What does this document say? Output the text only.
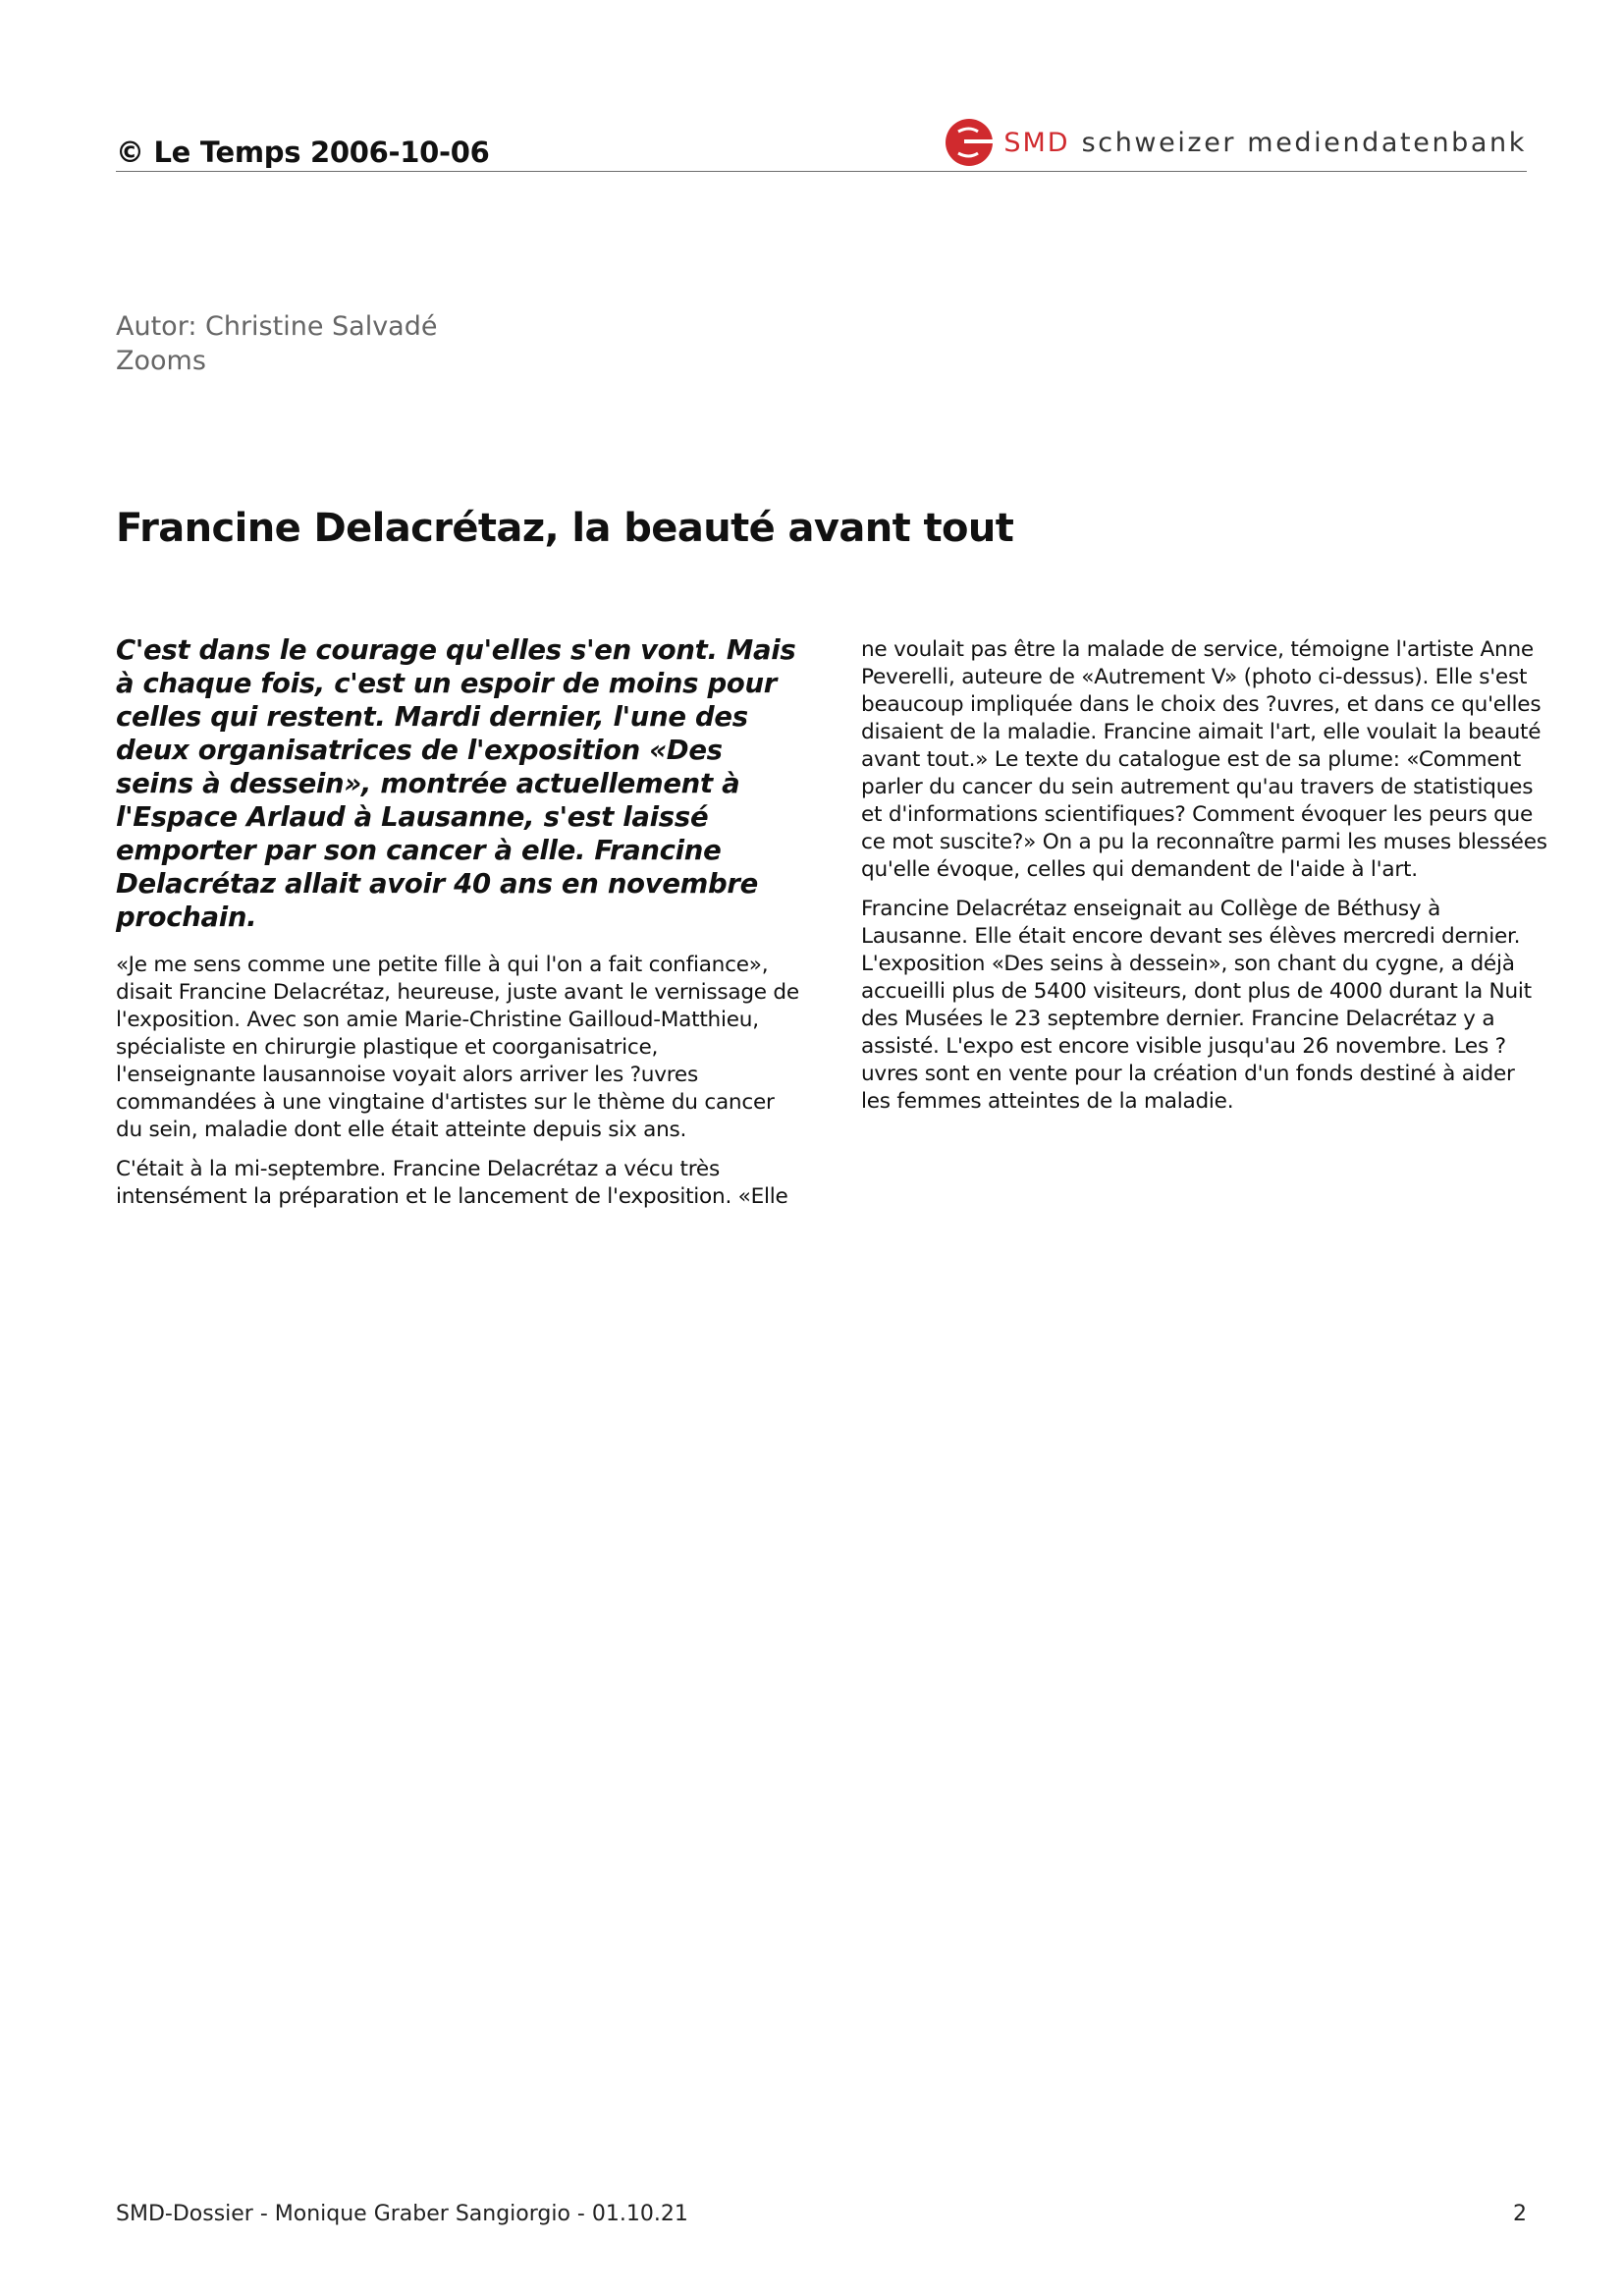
© Le Temps 2006-10-06	SMD schweizer mediendatenbank
Autor: Christine Salvadé
Zooms
Francine Delacrétaz, la beauté avant tout

C'est dans le courage qu'elles s'en vont. Mais à chaque fois, c'est un espoir de moins pour celles qui restent. Mardi dernier, l'une des deux organisatrices de l'exposition «Des seins à dessein», montrée actuellement à l'Espace Arlaud à Lausanne, s'est laissé emporter par son cancer à elle. Francine Delacrétaz allait avoir 40 ans en novembre prochain.

«Je me sens comme une petite fille à qui l'on a fait confiance», disait Francine Delacrétaz, heureuse, juste avant le vernissage de l'exposition. Avec son amie Marie-Christine Gailloud-Matthieu, spécialiste en chirurgie plastique et coorganisatrice, l'enseignante lausannoise voyait alors arriver les ?uvres commandées à une vingtaine d'artistes sur le thème du cancer du sein, maladie dont elle était atteinte depuis six ans.

C'était à la mi-septembre. Francine Delacrétaz a vécu très intensément la préparation et le lancement de l'exposition. «Elle

ne voulait pas être la malade de service, témoigne l'artiste Anne Peverelli, auteure de «Autrement V» (photo ci-dessus). Elle s'est beaucoup impliquée dans le choix des ?uvres, et dans ce qu'elles disaient de la maladie. Francine aimait l'art, elle voulait la beauté avant tout.» Le texte du catalogue est de sa plume: «Comment parler du cancer du sein autrement qu'au travers de statistiques et d'informations scientifiques? Comment évoquer les peurs que ce mot suscite?» On a pu la reconnaître parmi les muses blessées qu'elle évoque, celles qui demandent de l'aide à l'art.

Francine Delacrétaz enseignait au Collège de Béthusy à Lausanne. Elle était encore devant ses élèves mercredi dernier. L'exposition «Des seins à dessein», son chant du cygne, a déjà accueilli plus de 5400 visiteurs, dont plus de 4000 durant la Nuit des Musées le 23 septembre dernier. Francine Delacrétaz y a assisté. L'expo est encore visible jusqu'au 26 novembre. Les ?uvres sont en vente pour la création d'un fonds destiné à aider les femmes atteintes de la maladie.

SMD-Dossier - Monique Graber Sangiorgio - 01.10.21	2
